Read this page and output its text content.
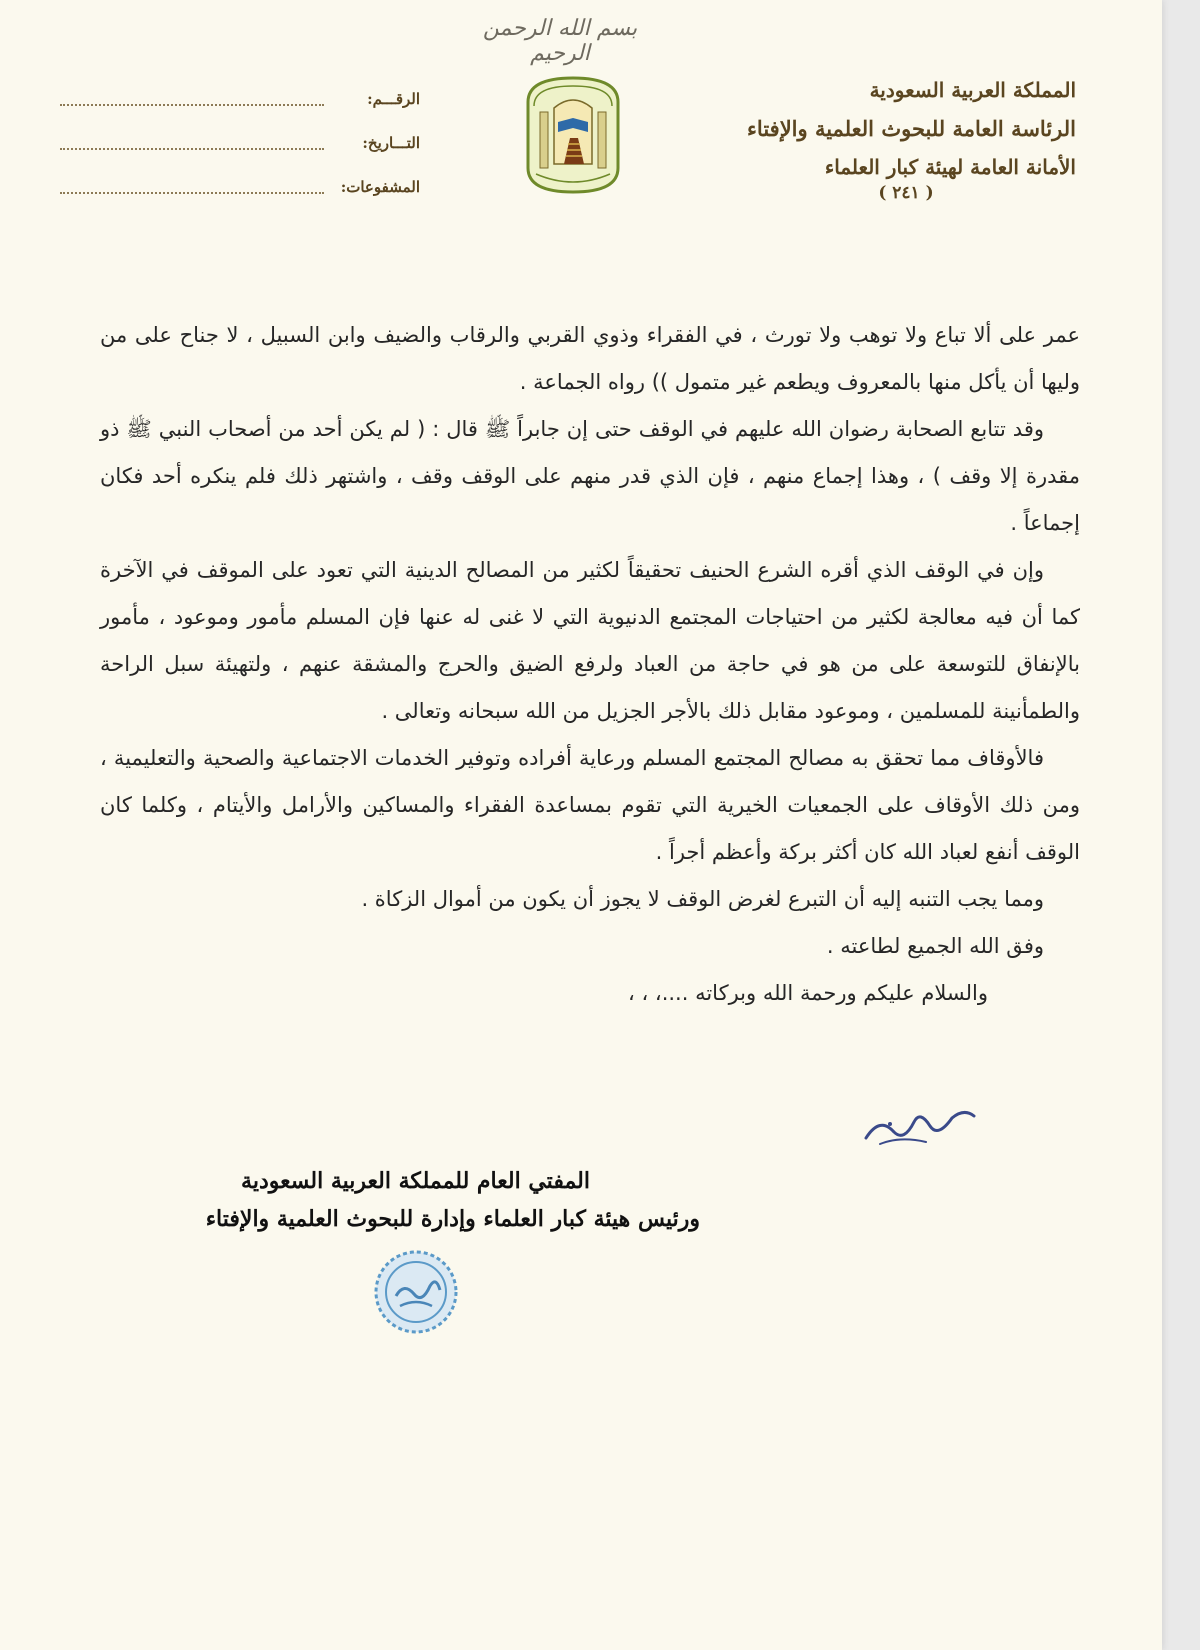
بسم الله الرحمن الرحيم
المملكة العربية السعودية
الرئاسة العامة للبحوث العلمية والإفتاء
الأمانة العامة لهيئة كبار العلماء
( ٢٤١ )
الرقـــم:
التـــاريخ:
المشفوعات:

عمر على ألا تباع ولا توهب ولا تورث ، في الفقراء وذوي القربي والرقاب والضيف وابن السبيل ، لا جناح على من وليها أن يأكل منها بالمعروف ويطعم غير متمول )) رواه الجماعة .

وقد تتابع الصحابة رضوان الله عليهم في الوقف حتى إن جابراً ﷺ قال : ( لم يكن أحد من أصحاب النبي ﷺ ذو مقدرة إلا وقف ) ، وهذا إجماع منهم ، فإن الذي قدر منهم على الوقف وقف ، واشتهر ذلك فلم ينكره أحد فكان إجماعاً .

وإن في الوقف الذي أقره الشرع الحنيف تحقيقاً لكثير من المصالح الدينية التي تعود على الموقف في الآخرة كما أن فيه معالجة لكثير من احتياجات المجتمع الدنيوية التي لا غنى له عنها فإن المسلم مأمور وموعود ، مأمور بالإنفاق للتوسعة على من هو في حاجة من العباد ولرفع الضيق والحرج والمشقة عنهم ، ولتهيئة سبل الراحة والطمأنينة للمسلمين ، وموعود مقابل ذلك بالأجر الجزيل من الله سبحانه وتعالى .

فالأوقاف مما تحقق به مصالح المجتمع المسلم ورعاية أفراده وتوفير الخدمات الاجتماعية والصحية والتعليمية ، ومن ذلك الأوقاف على الجمعيات الخيرية التي تقوم بمساعدة الفقراء والمساكين والأرامل والأيتام ، وكلما كان الوقف أنفع لعباد الله كان أكثر بركة وأعظم أجراً .

ومما يجب التنبه إليه أن التبرع لغرض الوقف لا يجوز أن يكون من أموال الزكاة .

وفق الله الجميع لطاعته .

والسلام عليكم ورحمة الله وبركاته ....، ، ،

المفتي العام للمملكة العربية السعودية
ورئيس هيئة كبار العلماء وإدارة للبحوث العلمية والإفتاء
